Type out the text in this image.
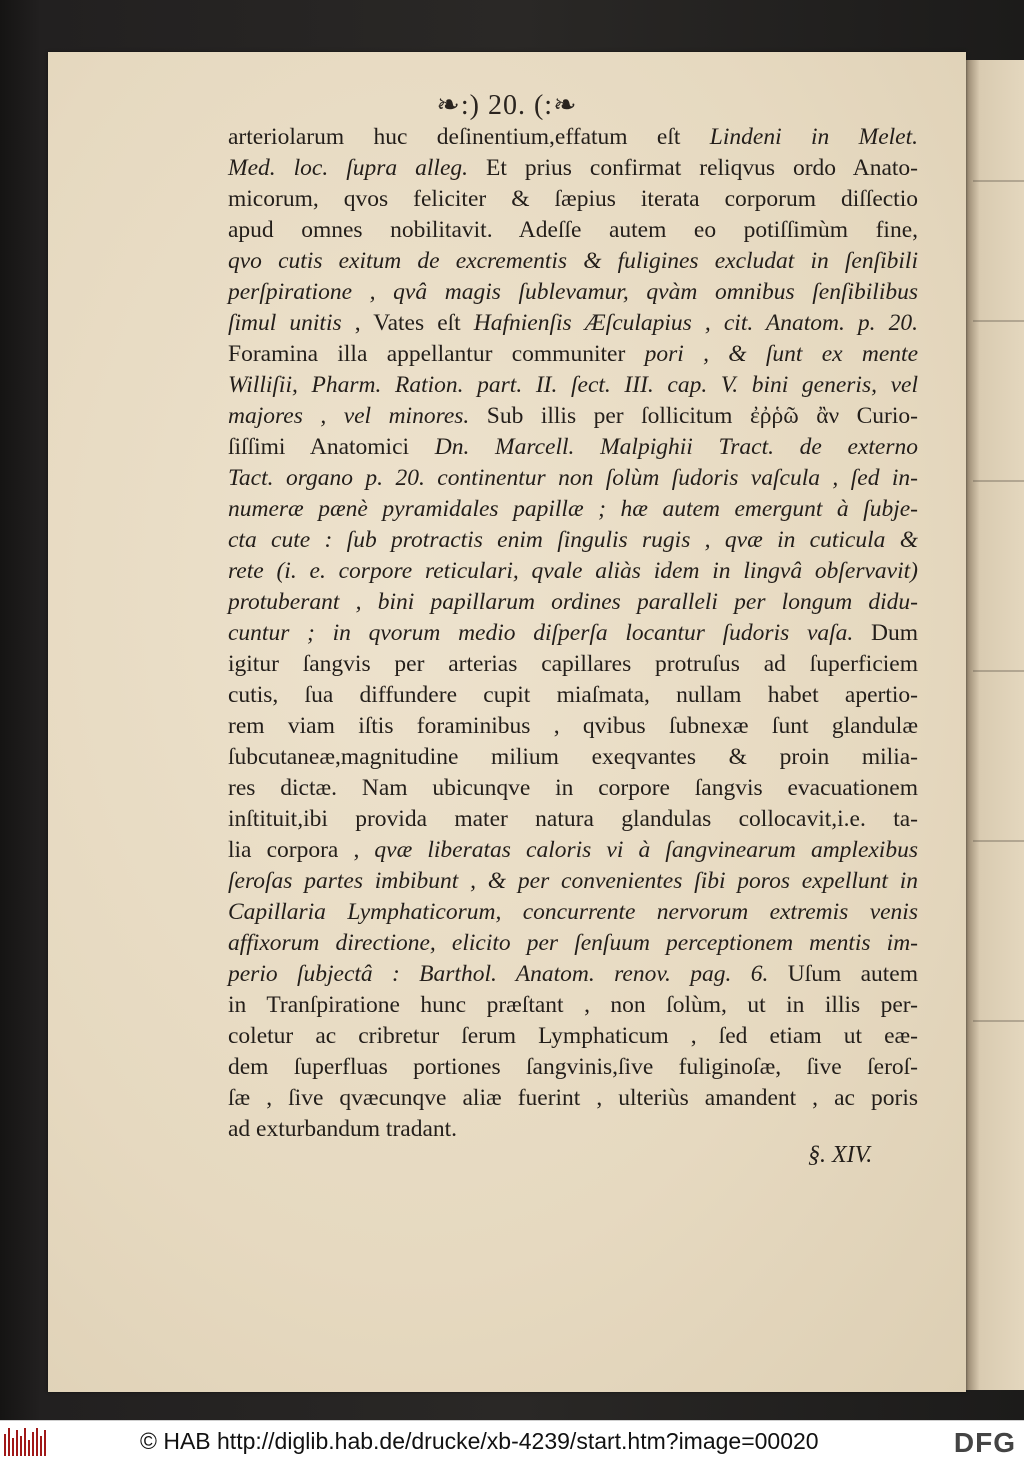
❧:) 20. (:❧
arteriolarum huc deſinentium,effatum eſt Lindeni in Melet.
Med. loc. ſupra alleg. Et prius confirmat reliqvus ordo Anato-
micorum, qvos feliciter & ſæpius iterata corporum diſſectio
apud omnes nobilitavit. Adeſſe autem eo potiſſimùm fine,
qvo cutis exitum de excrementis & fuligines excludat in ſenſibili
perſpiratione , qvâ magis ſublevamur, qvàm omnibus ſenſibilibus
ſimul unitis , Vates eſt Hafnienſis Æſculapius , cit. Anatom. p. 20.
Foramina illa appellantur communiter pori , & ſunt ex mente
Williſii, Pharm. Ration. part. II. ſect. III. cap. V. bini generis, vel
majores , vel minores. Sub illis per ſollicitum ἐῤῥῶ ἂν Curio-
ſiſſimi Anatomici Dn. Marcell. Malpighii Tract. de externo
Tact. organo p. 20. continentur non ſolùm ſudoris vaſcula , ſed in-
numeræ pænè pyramidales papillæ ; hæ autem emergunt à ſubje-
cta cute : ſub protractis enim ſingulis rugis , qvæ in cuticula &
rete (i. e. corpore reticulari, qvale aliàs idem in lingvâ obſervavit)
protuberant , bini papillarum ordines paralleli per longum didu-
cuntur ; in qvorum medio diſperſa locantur ſudoris vaſa. Dum
igitur ſangvis per arterias capillares protruſus ad ſuperficiem
cutis, ſua diffundere cupit miaſmata, nullam habet apertio-
rem viam iſtis foraminibus , qvibus ſubnexæ ſunt glandulæ
ſubcutaneæ,magnitudine milium exeqvantes & proin milia-
res dictæ. Nam ubicunqve in corpore ſangvis evacuationem
inſtituit,ibi provida mater natura glandulas collocavit,i.e. ta-
lia corpora , qvæ liberatas caloris vi à ſangvinearum amplexibus
ſeroſas partes imbibunt , & per convenientes ſibi poros expellunt in
Capillaria Lymphaticorum, concurrente nervorum extremis venis
affixorum directione, elicito per ſenſuum perceptionem mentis im-
perio ſubjectâ : Barthol. Anatom. renov. pag. 6. Uſum autem
in Tranſpiratione hunc præſtant , non ſolùm, ut in illis per-
coletur ac cribretur ſerum Lymphaticum , ſed etiam ut eæ-
dem ſuperfluas portiones ſangvinis,ſive fuliginoſæ, ſive ſeroſ-
ſæ , ſive qvæcunqve aliæ fuerint , ulteriùs amandent , ac poris
ad exturbandum tradant.
§. XIV.
© HAB http://diglib.hab.de/drucke/xb-4239/start.htm?image=00020	DFG
